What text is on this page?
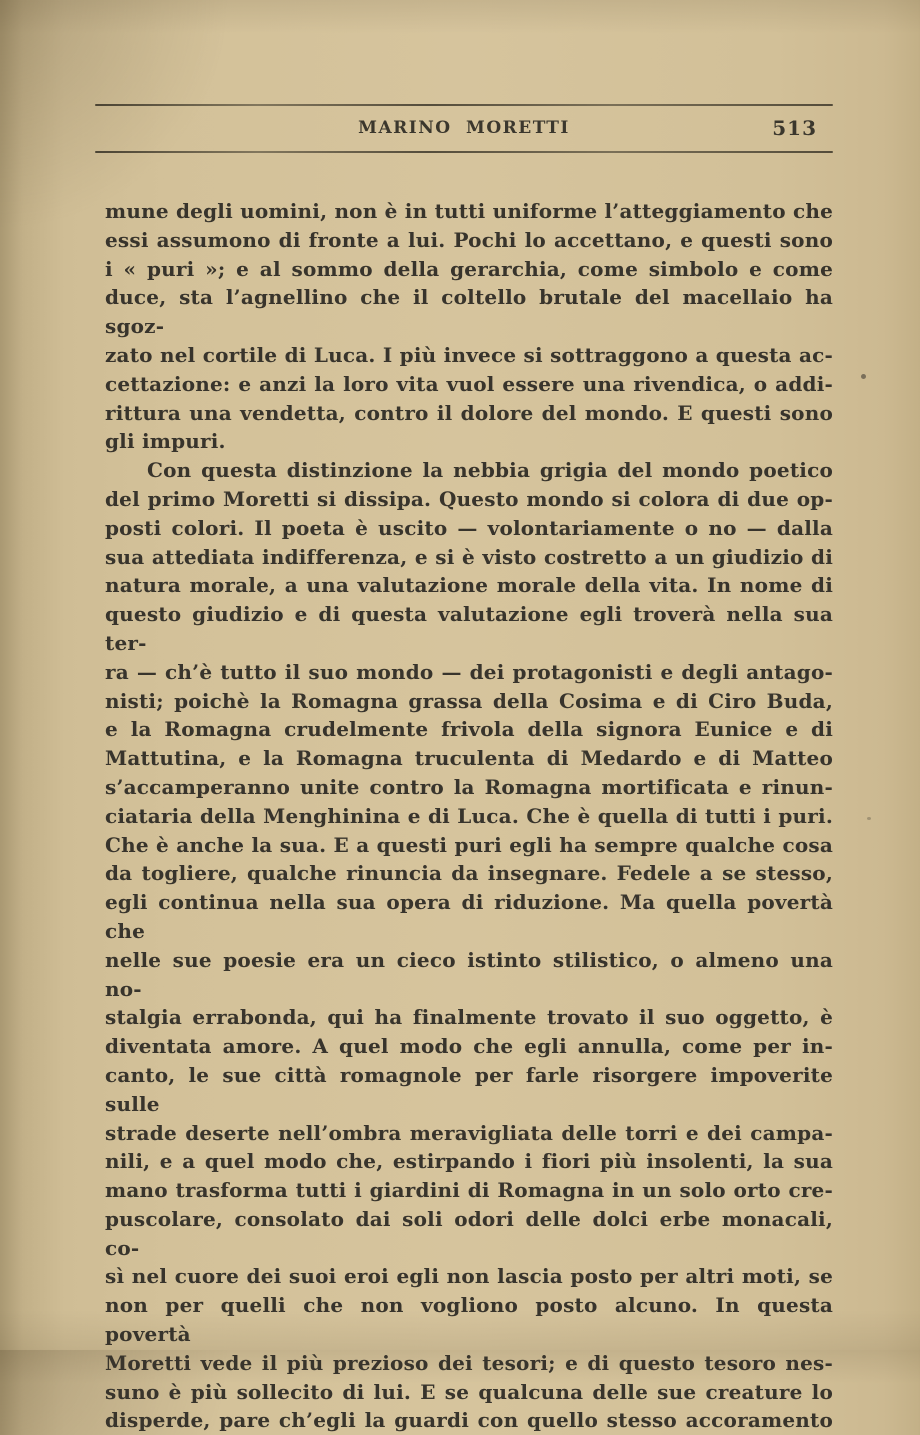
MARINO MORETTI	513
mune degli uomini, non è in tutti uniforme l’atteggiamento che
essi assumono di fronte a lui. Pochi lo accettano, e questi sono
i « puri »; e al sommo della gerarchia, come simbolo e come
duce, sta l’agnellino che il coltello brutale del macellaio ha sgoz-
zato nel cortile di Luca. I più invece si sottraggono a questa ac-
cettazione: e anzi la loro vita vuol essere una rivendica, o addi-
rittura una vendetta, contro il dolore del mondo. E questi sono
gli impuri.
Con questa distinzione la nebbia grigia del mondo poetico
del primo Moretti si dissipa. Questo mondo si colora di due op-
posti colori. Il poeta è uscito — volontariamente o no — dalla
sua attediata indifferenza, e si è visto costretto a un giudizio di
natura morale, a una valutazione morale della vita. In nome di
questo giudizio e di questa valutazione egli troverà nella sua ter-
ra — ch’è tutto il suo mondo — dei protagonisti e degli antago-
nisti; poichè la Romagna grassa della Cosima e di Ciro Buda,
e la Romagna crudelmente frivola della signora Eunice e di
Mattutina, e la Romagna truculenta di Medardo e di Matteo
s’accamperanno unite contro la Romagna mortificata e rinun-
ciataria della Menghinina e di Luca. Che è quella di tutti i puri.
Che è anche la sua. E a questi puri egli ha sempre qualche cosa
da togliere, qualche rinuncia da insegnare. Fedele a se stesso,
egli continua nella sua opera di riduzione. Ma quella povertà che
nelle sue poesie era un cieco istinto stilistico, o almeno una no-
stalgia errabonda, qui ha finalmente trovato il suo oggetto, è
diventata amore. A quel modo che egli annulla, come per in-
canto, le sue città romagnole per farle risorgere impoverite sulle
strade deserte nell’ombra meravigliata delle torri e dei campa-
nili, e a quel modo che, estirpando i fiori più insolenti, la sua
mano trasforma tutti i giardini di Romagna in un solo orto cre-
puscolare, consolato dai soli odori delle dolci erbe monacali, co-
sì nel cuore dei suoi eroi egli non lascia posto per altri moti, se
non per quelli che non vogliono posto alcuno. In questa povertà
Moretti vede il più prezioso dei tesori; e di questo tesoro nes-
suno è più sollecito di lui. E se qualcuna delle sue creature lo
disperde, pare ch’egli la guardi con quello stesso accoramento
